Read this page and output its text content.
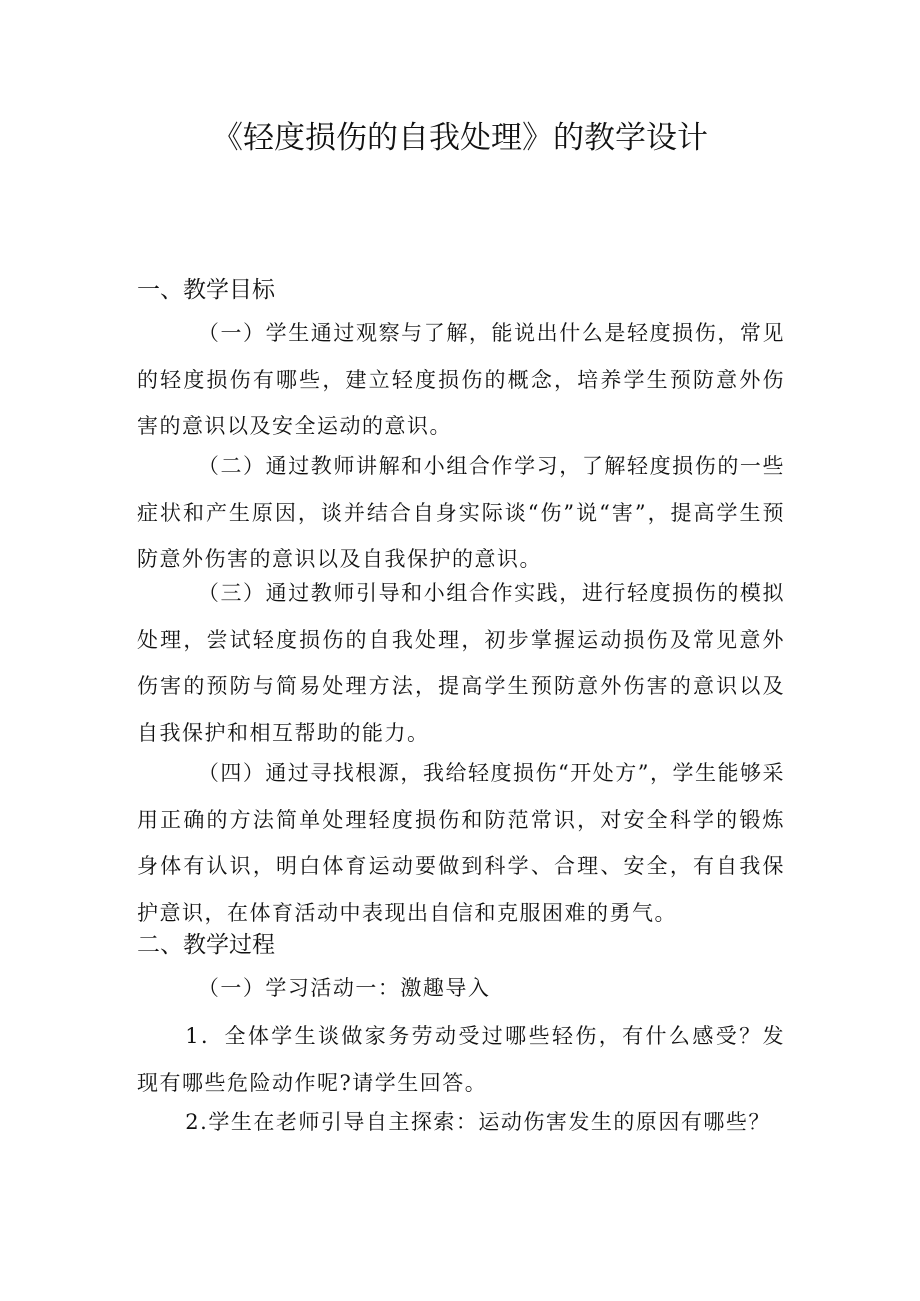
《轻度损伤的自我处理》的教学设计
一、教学目标
（一）学生通过观察与了解，能说出什么是轻度损伤，常见的轻度损伤有哪些，建立轻度损伤的概念，培养学生预防意外伤害的意识以及安全运动的意识。
（二）通过教师讲解和小组合作学习，了解轻度损伤的一些症状和产生原因，谈并结合自身实际谈“伤”说“害”，提高学生预防意外伤害的意识以及自我保护的意识。
（三）通过教师引导和小组合作实践，进行轻度损伤的模拟处理，尝试轻度损伤的自我处理，初步掌握运动损伤及常见意外伤害的预防与简易处理方法，提高学生预防意外伤害的意识以及自我保护和相互帮助的能力。
（四）通过寻找根源，我给轻度损伤“开处方”，学生能够采用正确的方法简单处理轻度损伤和防范常识，对安全科学的锻炼身体有认识，明白体育运动要做到科学、合理、安全，有自我保护意识，在体育活动中表现出自信和克服困难的勇气。
二、教学过程
（一）学习活动一：激趣导入
1．全体学生谈做家务劳动受过哪些轻伤，有什么感受？发现有哪些危险动作呢?请学生回答。
2.学生在老师引导自主探索：运动伤害发生的原因有哪些？
